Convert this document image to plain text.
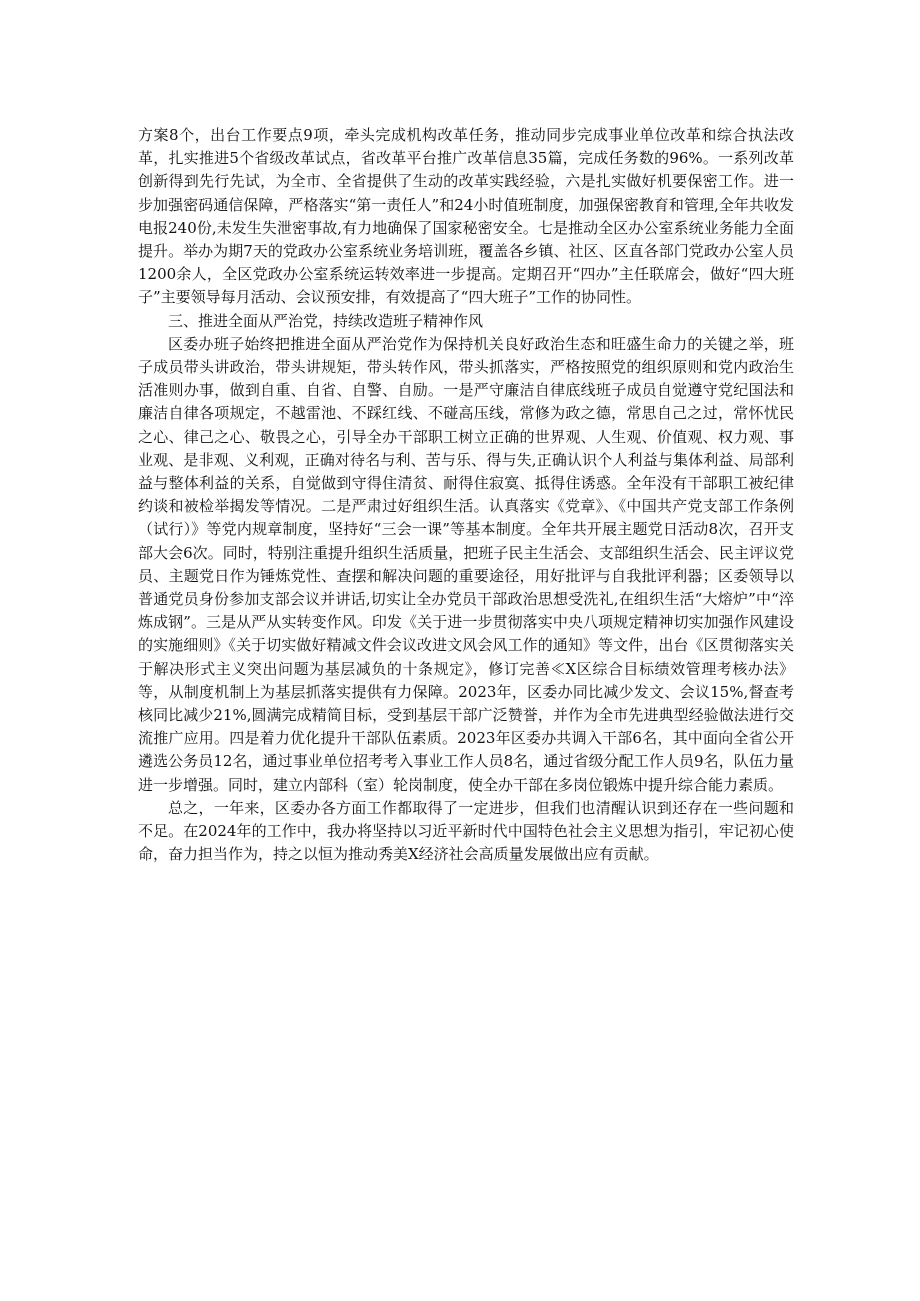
方案8个，出台工作要点9项，牵头完成机构改革任务，推动同步完成事业单位改革和综合执法改革，扎实推进5个省级改革试点，省改革平台推广改革信息35篇，完成任务数的96%。一系列改革创新得到先行先试，为全市、全省提供了生动的改革实践经验，六是扎实做好机要保密工作。进一步加强密码通信保障，严格落实“第一责任人”和24小时值班制度，加强保密教育和管理,全年共收发电报240份,未发生失泄密事故,有力地确保了国家秘密安全。七是推动全区办公室系统业务能力全面提升。举办为期7天的党政办公室系统业务培训班，覆盖各乡镇、社区、区直各部门党政办公室人员1200余人，全区党政办公室系统运转效率进一步提高。定期召开“四办”主任联席会，做好“四大班子”主要领导每月活动、会议预安排，有效提高了“四大班子”工作的协同性。

三、推进全面从严治党，持续改造班子精神作风

区委办班子始终把推进全面从严治党作为保持机关良好政治生态和旺盛生命力的关键之举，班子成员带头讲政治，带头讲规矩，带头转作风，带头抓落实，严格按照党的组织原则和党内政治生活准则办事，做到自重、自省、自警、自励。一是严守廉洁自律底线班子成员自觉遵守党纪国法和廉洁自律各项规定，不越雷池、不踩红线、不碰高压线，常修为政之德，常思自己之过，常怀忧民之心、律己之心、敬畏之心，引导全办干部职工树立正确的世界观、人生观、价值观、权力观、事业观、是非观、义利观，正确对待名与利、苦与乐、得与失,正确认识个人利益与集体利益、局部利益与整体利益的关系，自觉做到守得住清贫、耐得住寂寞、抵得住诱惑。全年没有干部职工被纪律约谈和被检举揭发等情况。二是严肃过好组织生活。认真落实《党章》、《中国共产党支部工作条例（试行）》等党内规章制度，坚持好“三会一课”等基本制度。全年共开展主题党日活动8次，召开支部大会6次。同时，特别注重提升组织生活质量，把班子民主生活会、支部组织生活会、民主评议党员、主题党日作为锤炼党性、查摆和解决问题的重要途径，用好批评与自我批评利器；区委领导以普通党员身份参加支部会议并讲话,切实让全办党员干部政治思想受洗礼,在组织生活“大熔炉”中“淬炼成钢”。三是从严从实转变作风。印发《关于进一步贯彻落实中央八项规定精神切实加强作风建设的实施细则》《关于切实做好精减文件会议改进文风会风工作的通知》等文件，出台《区贯彻落实关于解决形式主义突出问题为基层减负的十条规定》，修订完善≪X区综合目标绩效管理考核办法》等，从制度机制上为基层抓落实提供有力保障。2023年，区委办同比减少发文、会议15%,督查考核同比减少21%,圆满完成精简目标，受到基层干部广泛赞誉，并作为全市先进典型经验做法进行交流推广应用。四是着力优化提升干部队伍素质。2023年区委办共调入干部6名，其中面向全省公开遴选公务员12名，通过事业单位招考考入事业工作人员8名，通过省级分配工作人员9名，队伍力量进一步增强。同时，建立内部科（室）轮岗制度，使全办干部在多岗位锻炼中提升综合能力素质。

总之，一年来，区委办各方面工作都取得了一定进步，但我们也清醒认识到还存在一些问题和不足。在2024年的工作中，我办将坚持以习近平新时代中国特色社会主义思想为指引，牢记初心使命，奋力担当作为，持之以恒为推动秀美X经济社会高质量发展做出应有贡献。
